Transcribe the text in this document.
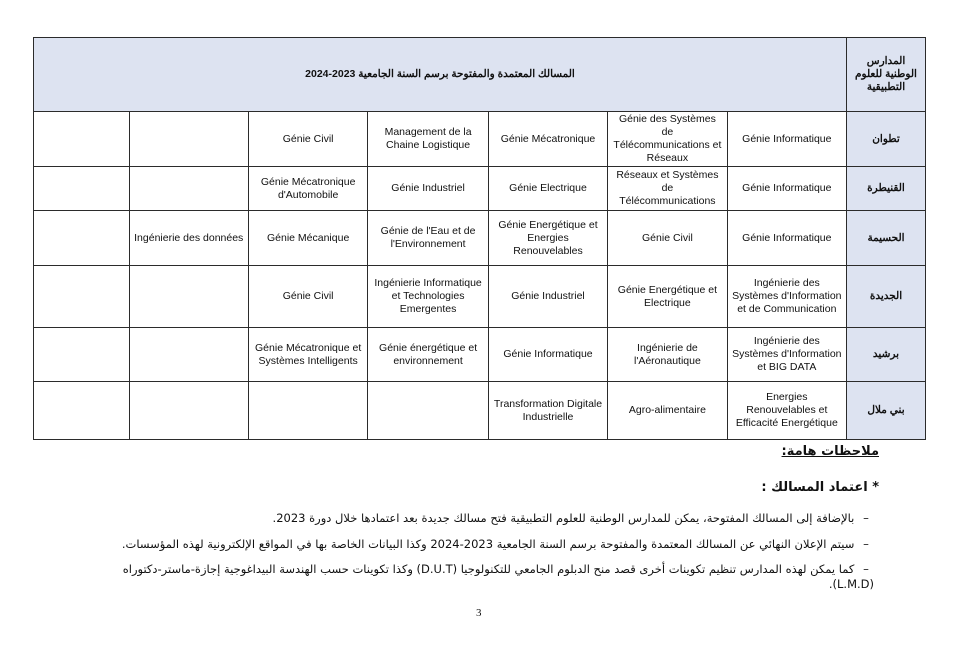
المسالك المعتمدة والمفتوحة برسم السنة الجامعية 2023-2024							المدارس الوطنية للعلوم التطبيقية
		Génie Civil	Management de la Chaine Logistique	Génie Mécatronique	Génie des Systèmes de Télécommunications et Réseaux	Génie Informatique	تطوان
		Génie Mécatronique d'Automobile	Génie Industriel	Génie Electrique	Réseaux et Systèmes de Télécommunications	Génie Informatique	القنيطرة
	Ingénierie des données	Génie Mécanique	Génie de l'Eau et de l'Environnement	Génie Energétique et Energies Renouvelables	Génie Civil	Génie Informatique	الحسيمة
		Génie Civil	Ingénierie Informatique et Technologies Emergentes	Génie Industriel	Génie Energétique et Electrique	Ingénierie des Systèmes d'Information et de Communication	الجديدة
		Génie Mécatronique et Systèmes Intelligents	Génie énergétique et environnement	Génie Informatique	Ingénierie de l'Aéronautique	Ingénierie des Systèmes d'Information et BIG DATA	برشيد
				Transformation Digitale Industrielle	Agro-alimentaire	Energies Renouvelables et Efficacité Energétique	بني ملال
ملاحظات هامة:
* اعتماد المسالك :
– بالإضافة إلى المسالك المفتوحة، يمكن للمدارس الوطنية للعلوم التطبيقية فتح مسالك جديدة بعد اعتمادها خلال دورة 2023.
– سيتم الإعلان النهائي عن المسالك المعتمدة والمفتوحة برسم السنة الجامعية 2023-2024 وكذا البيانات الخاصة بها في المواقع الإلكترونية لهذه المؤسسات.
– كما يمكن لهذه المدارس تنظيم تكوينات أخرى قصد منح الدبلوم الجامعي للتكنولوجيا (D.U.T) وكذا تكوينات حسب الهندسة البيداغوجية إجازة-ماستر-دكتوراه (L.M.D).
3
